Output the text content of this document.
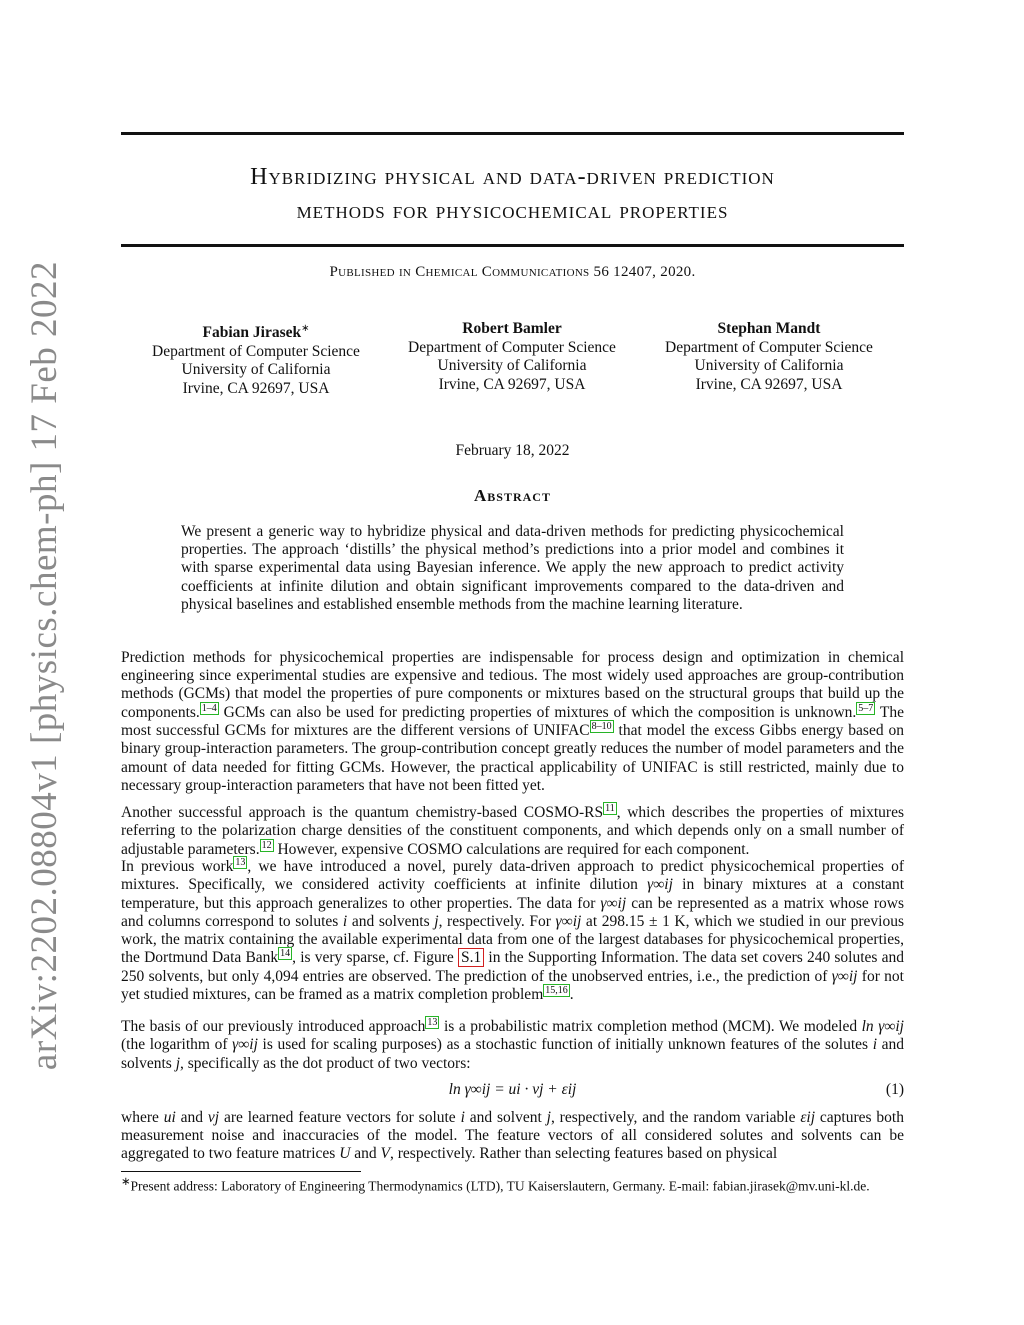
arXiv:2202.08804v1 [physics.chem-ph] 17 Feb 2022
Hybridizing physical and data-driven prediction
methods for physicochemical properties
Published in Chemical Communications 56 12407, 2020.
Fabian Jirasek∗
Department of Computer Science
University of California
Irvine, CA 92697, USA
Robert Bamler
Department of Computer Science
University of California
Irvine, CA 92697, USA
Stephan Mandt
Department of Computer Science
University of California
Irvine, CA 92697, USA
February 18, 2022
Abstract
We present a generic way to hybridize physical and data-driven methods for predicting physicochemical properties. The approach ‘distills’ the physical method’s predictions into a prior model and combines it with sparse experimental data using Bayesian inference. We apply the new approach to predict activity coefficients at infinite dilution and obtain significant improvements compared to the data-driven and physical baselines and established ensemble methods from the machine learning literature.
Prediction methods for physicochemical properties are indispensable for process design and optimization in chemical engineering since experimental studies are expensive and tedious. The most widely used approaches are group-contribution methods (GCMs) that model the properties of pure components or mixtures based on the structural groups that build up the components. $^{1-4}$ GCMs can also be used for predicting properties of mixtures of which the composition is unknown. $^{5-7}$ The most successful GCMs for mixtures are the different versions of UNIFAC $^{8-10}$ that model the excess Gibbs energy based on binary group-interaction parameters. The group-contribution concept greatly reduces the number of model parameters and the amount of data needed for fitting GCMs. However, the practical applicability of UNIFAC is still restricted, mainly due to necessary group-interaction parameters that have not been fitted yet.
Another successful approach is the quantum chemistry-based COSMO-RS $^{11}$ , which describes the properties of mixtures referring to the polarization charge densities of the constituent components, and which depends only on a small number of adjustable parameters. $^{12}$ However, expensive COSMO calculations are required for each component.
In previous work $^{13}$ , we have introduced a novel, purely data-driven approach to predict physicochemical properties of mixtures. Specifically, we considered activity coefficients at infinite dilution γ∞ij in binary mixtures at a constant temperature, but this approach generalizes to other properties. The data for γ∞ij can be represented as a matrix whose rows and columns correspond to solutes i and solvents j, respectively. For γ∞ij at 298.15 ± 1 K, which we studied in our previous work, the matrix containing the available experimental data from one of the largest databases for physicochemical properties, the Dortmund Data Bank $^{14}$ , is very sparse, cf. Figure S.1 in the Supporting Information. The data set covers 240 solutes and 250 solvents, but only 4,094 entries are observed. The prediction of the unobserved entries, i.e., the prediction of γ∞ij for not yet studied mixtures, can be framed as a matrix completion problem $^{15,16}$ .
The basis of our previously introduced approach $^{13}$ is a probabilistic matrix completion method (MCM). We modeled ln γ∞ij (the logarithm of γ∞ij is used for scaling purposes) as a stochastic function of initially unknown features of the solutes i and solvents j, specifically as the dot product of two vectors:
ln γ∞ij = ui · vj + εij	(1)
where ui and vj are learned feature vectors for solute i and solvent j, respectively, and the random variable εij captures both measurement noise and inaccuracies of the model. The feature vectors of all considered solutes and solvents can be aggregated to two feature matrices U and V, respectively. Rather than selecting features based on physical
∗Present address: Laboratory of Engineering Thermodynamics (LTD), TU Kaiserslautern, Germany. E-mail: fabian.jirasek@mv.uni-kl.de.
